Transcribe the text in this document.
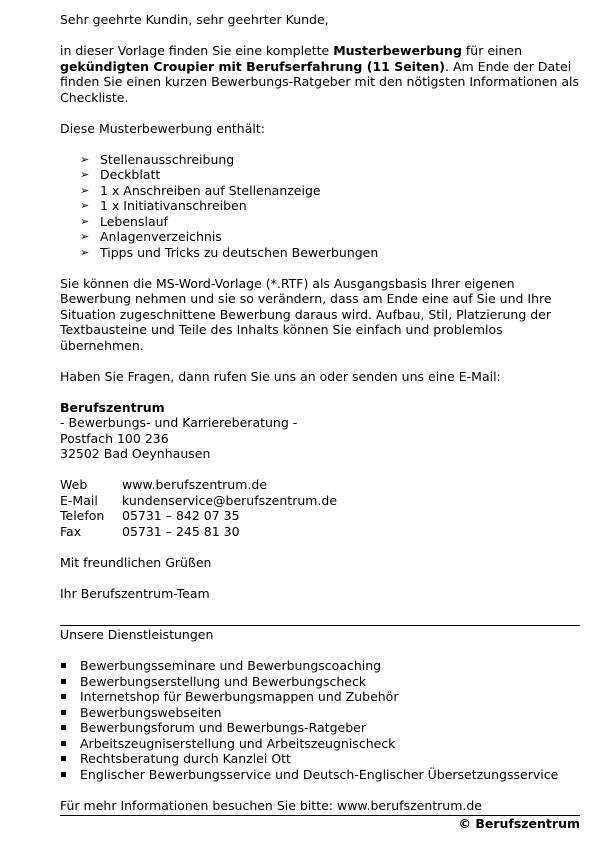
Sehr geehrte Kundin, sehr geehrter Kunde,

in dieser Vorlage finden Sie eine komplette Musterbewerbung für einen gekündigten Croupier mit Berufserfahrung (11 Seiten). Am Ende der Datei finden Sie einen kurzen Bewerbungs-Ratgeber mit den nötigsten Informationen als Checkliste.

Diese Musterbewerbung enthält:

➢ Stellenausschreibung
➢ Deckblatt
➢ 1 x Anschreiben auf Stellenanzeige
➢ 1 x Initiativanschreiben
➢ Lebenslauf
➢ Anlagenverzeichnis
➢ Tipps und Tricks zu deutschen Bewerbungen

Sie können die MS-Word-Vorlage (*.RTF) als Ausgangsbasis Ihrer eigenen Bewerbung nehmen und sie so verändern, dass am Ende eine auf Sie und Ihre Situation zugeschnittene Bewerbung daraus wird. Aufbau, Stil, Platzierung der Textbausteine und Teile des Inhalts können Sie einfach und problemlos übernehmen.

Haben Sie Fragen, dann rufen Sie uns an oder senden uns eine E-Mail:

Berufszentrum

- Bewerbungs- und Karriereberatung -

Postfach 100 236

32502 Bad Oeynhausen

Web	www.berufszentrum.de
E-Mail	kundenservice@berufszentrum.de
Telefon	05731 – 842 07 35
Fax	05731 – 245 81 30

Mit freundlichen Grüßen

Ihr Berufszentrum-Team

Unsere Dienstleistungen

Bewerbungsseminare und Bewerbungscoaching
Bewerbungserstellung und Bewerbungscheck
Internetshop für Bewerbungsmappen und Zubehör
Bewerbungswebseiten
Bewerbungsforum und Bewerbungs-Ratgeber
Arbeitszeugniserstellung und Arbeitszeugnischeck
Rechtsberatung durch Kanzlei Ott
Englischer Bewerbungsservice und Deutsch-Englischer Übersetzungsservice

Für mehr Informationen besuchen Sie bitte: www.berufszentrum.de

© Berufszentrum
